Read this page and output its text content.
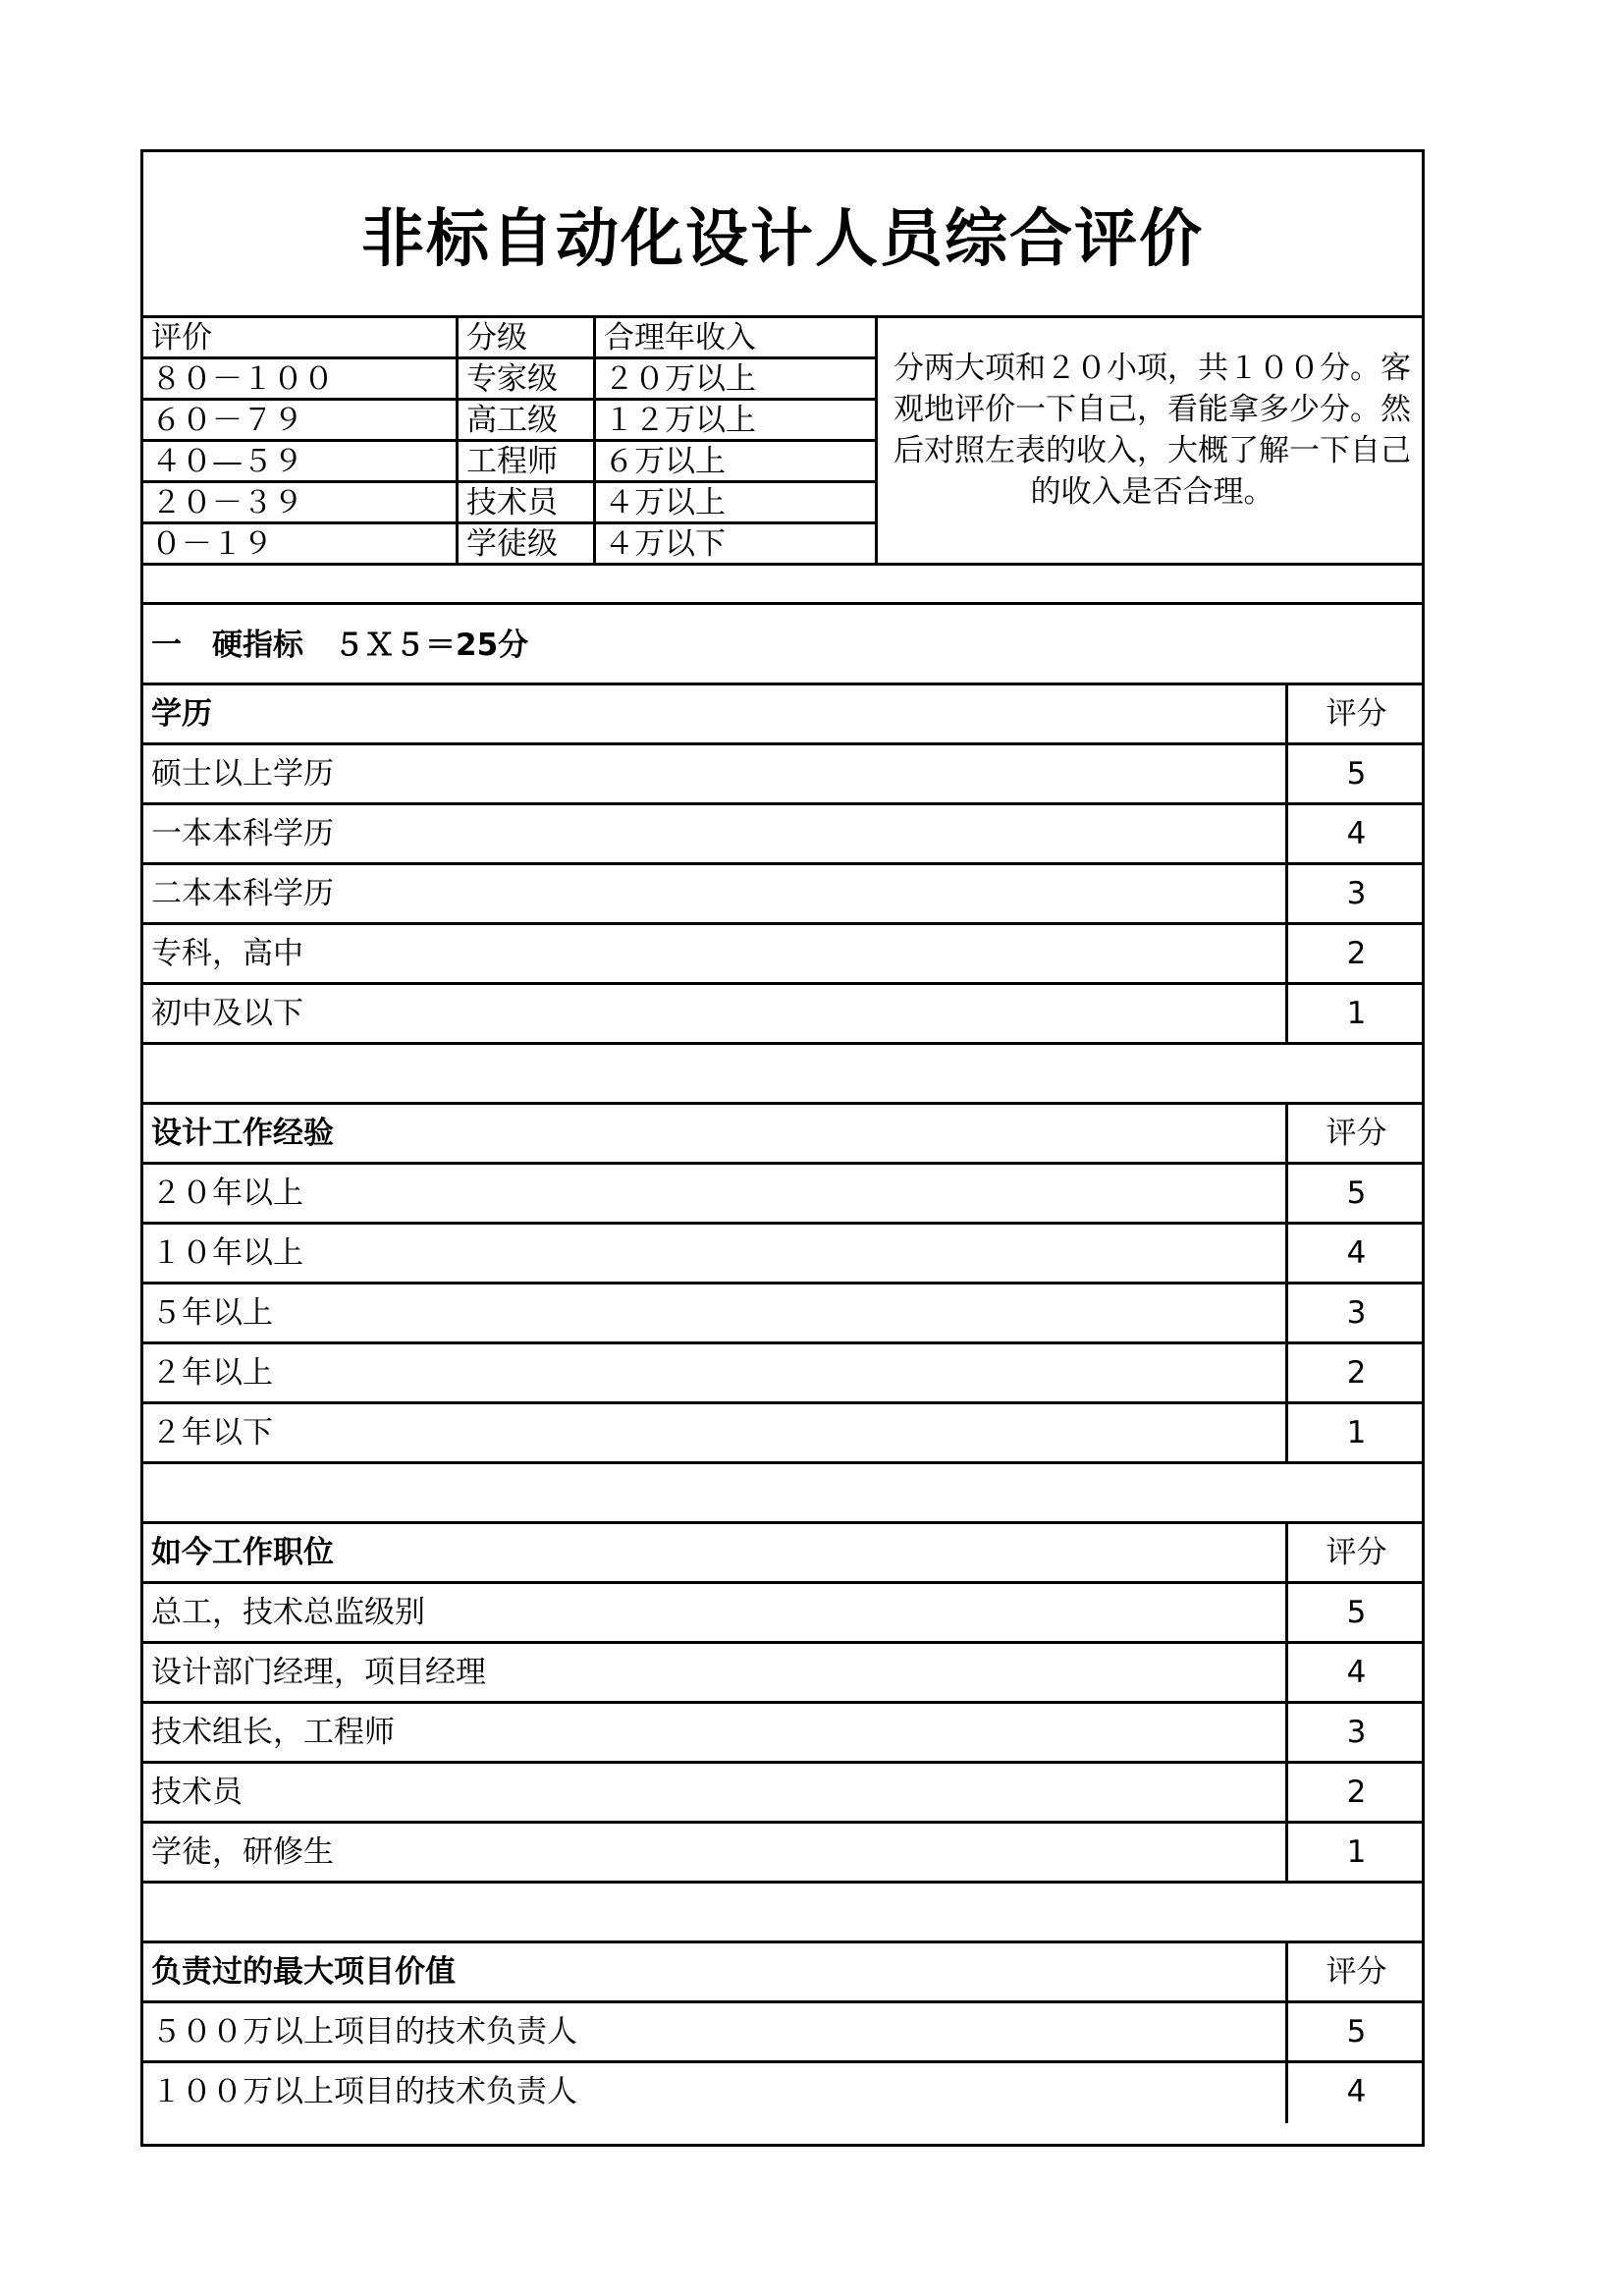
非标自动化设计人员综合评价
评价	分级	合理年收入
８０－１００	专家级	２０万以上
６０－７９	高工级	１２万以上
４０—５９	工程师	６万以上
２０－３９	技术员	４万以上
０－１９	学徒级	４万以下
分两大项和２０小项，共１００分。客观地评价一下自己，看能拿多少分。然后对照左表的收入，大概了解一下自己的收入是否合理。
一　硬指标　５Ｘ５＝25分
学历	评分
硕士以上学历	5
一本本科学历	4
二本本科学历	3
专科，高中	2
初中及以下	1
设计工作经验	评分
２０年以上	5
１０年以上	4
５年以上	3
２年以上	2
２年以下	1
如今工作职位	评分
总工，技术总监级别	5
设计部门经理，项目经理	4
技术组长，工程师	3
技术员	2
学徒，研修生	1
负责过的最大项目价值	评分
５００万以上项目的技术负责人	5
１００万以上项目的技术负责人	4
